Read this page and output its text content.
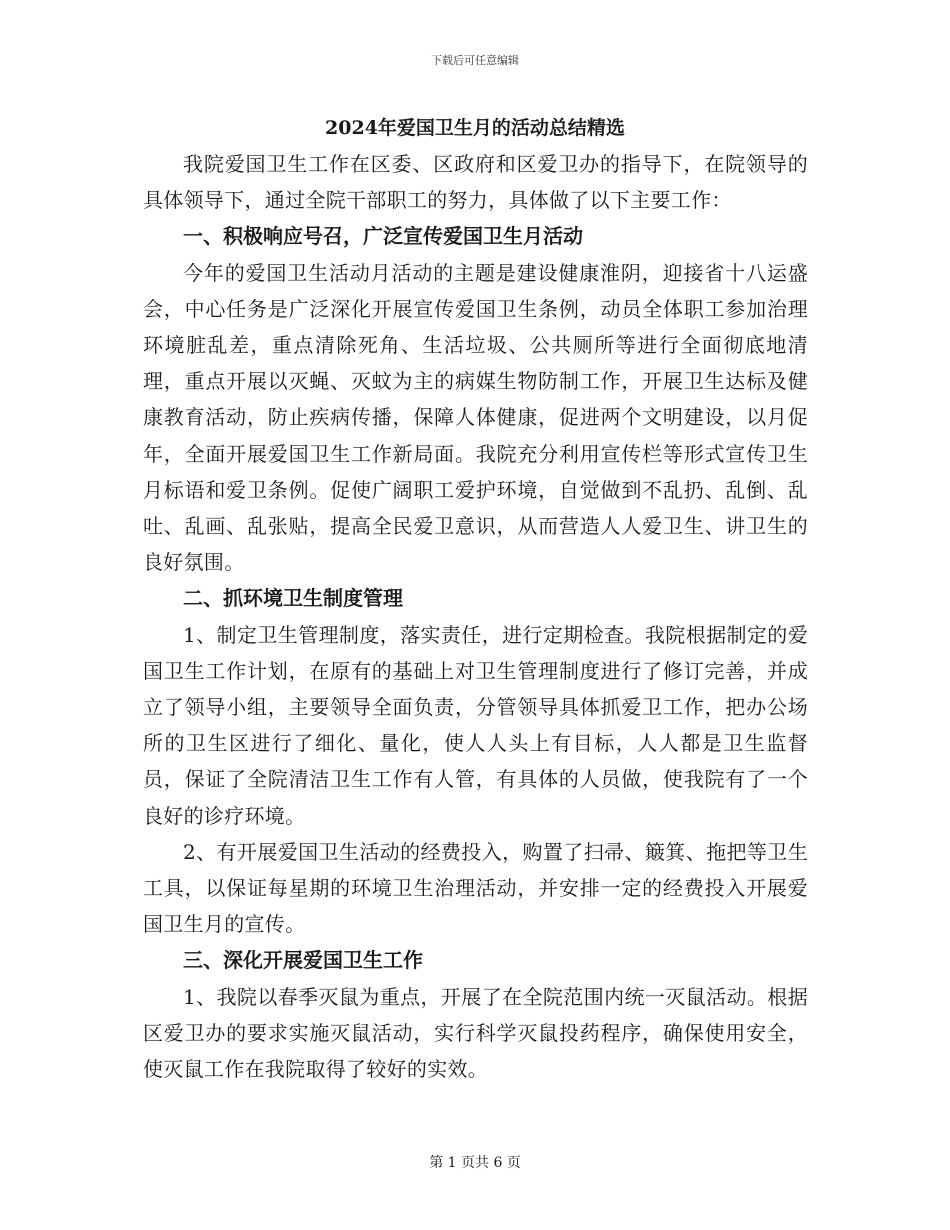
下载后可任意编辑
2024年爱国卫生月的活动总结精选

我院爱国卫生工作在区委、区政府和区爱卫办的指导下，在院领导的具体领导下，通过全院干部职工的努力，具体做了以下主要工作：

一、积极响应号召，广泛宣传爱国卫生月活动

今年的爱国卫生活动月活动的主题是建设健康淮阴，迎接省十八运盛会，中心任务是广泛深化开展宣传爱国卫生条例，动员全体职工参加治理环境脏乱差，重点清除死角、生活垃圾、公共厕所等进行全面彻底地清理，重点开展以灭蝇、灭蚊为主的病媒生物防制工作，开展卫生达标及健康教育活动，防止疾病传播，保障人体健康，促进两个文明建设，以月促年，全面开展爱国卫生工作新局面。我院充分利用宣传栏等形式宣传卫生月标语和爱卫条例。促使广阔职工爱护环境，自觉做到不乱扔、乱倒、乱吐、乱画、乱张贴，提高全民爱卫意识，从而营造人人爱卫生、讲卫生的良好氛围。

二、抓环境卫生制度管理

1、制定卫生管理制度，落实责任，进行定期检查。我院根据制定的爱国卫生工作计划，在原有的基础上对卫生管理制度进行了修订完善，并成立了领导小组，主要领导全面负责，分管领导具体抓爱卫工作，把办公场所的卫生区进行了细化、量化，使人人头上有目标，人人都是卫生监督员，保证了全院清洁卫生工作有人管，有具体的人员做，使我院有了一个良好的诊疗环境。

2、有开展爱国卫生活动的经费投入，购置了扫帚、簸箕、拖把等卫生工具，以保证每星期的环境卫生治理活动，并安排一定的经费投入开展爱国卫生月的宣传。

三、深化开展爱国卫生工作

1、我院以春季灭鼠为重点，开展了在全院范围内统一灭鼠活动。根据区爱卫办的要求实施灭鼠活动，实行科学灭鼠投药程序，确保使用安全，使灭鼠工作在我院取得了较好的实效。

第 1 页共 6 页
